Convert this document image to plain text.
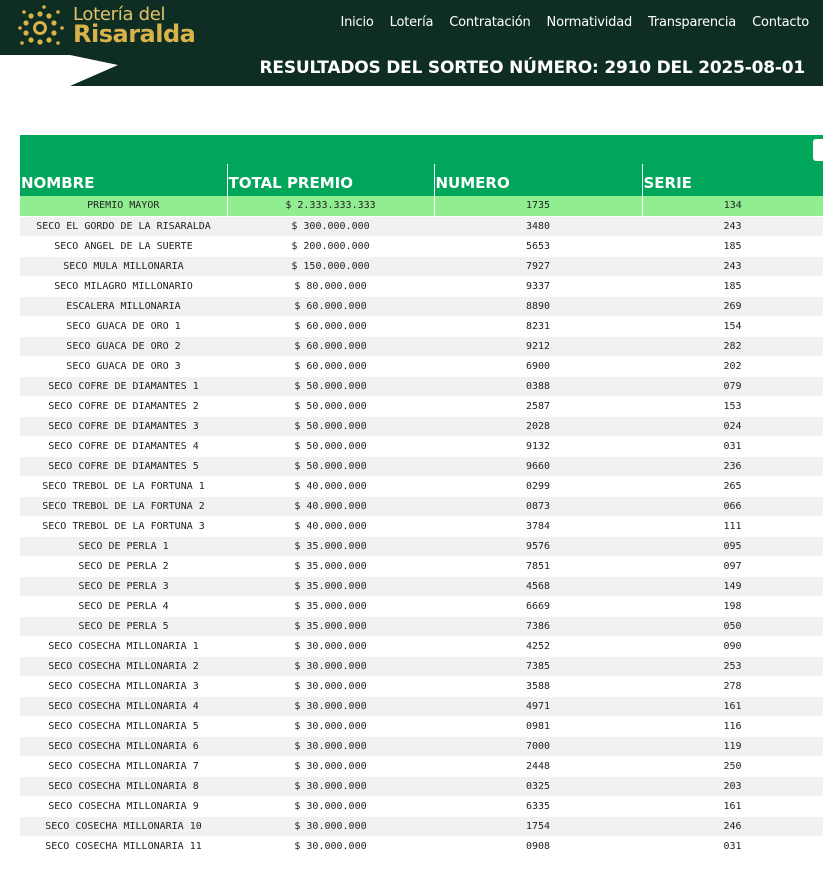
Lotería del
Risaralda	Inicio	Lotería	Contratación	Normatividad	Transparencia	Contacto
RESULTADOS DEL SORTEO NÚMERO: 2910 DEL 2025-08-01
NOMBRE	TOTAL PREMIO	NUMERO	SERIE
PREMIO MAYOR	$ 2.333.333.333	1735	134
SECO EL GORDO DE LA RISARALDA	$ 300.000.000	3480	243
SECO ANGEL DE LA SUERTE	$ 200.000.000	5653	185
SECO MULA MILLONARIA	$ 150.000.000	7927	243
SECO MILAGRO MILLONARIO	$ 80.000.000	9337	185
ESCALERA MILLONARIA	$ 60.000.000	8890	269
SECO GUACA DE ORO 1	$ 60.000.000	8231	154
SECO GUACA DE ORO 2	$ 60.000.000	9212	282
SECO GUACA DE ORO 3	$ 60.000.000	6900	202
SECO COFRE DE DIAMANTES 1	$ 50.000.000	0388	079
SECO COFRE DE DIAMANTES 2	$ 50.000.000	2587	153
SECO COFRE DE DIAMANTES 3	$ 50.000.000	2028	024
SECO COFRE DE DIAMANTES 4	$ 50.000.000	9132	031
SECO COFRE DE DIAMANTES 5	$ 50.000.000	9660	236
SECO TREBOL DE LA FORTUNA 1	$ 40.000.000	0299	265
SECO TREBOL DE LA FORTUNA 2	$ 40.000.000	0873	066
SECO TREBOL DE LA FORTUNA 3	$ 40.000.000	3784	111
SECO DE PERLA 1	$ 35.000.000	9576	095
SECO DE PERLA 2	$ 35.000.000	7851	097
SECO DE PERLA 3	$ 35.000.000	4568	149
SECO DE PERLA 4	$ 35.000.000	6669	198
SECO DE PERLA 5	$ 35.000.000	7386	050
SECO COSECHA MILLONARIA 1	$ 30.000.000	4252	090
SECO COSECHA MILLONARIA 2	$ 30.000.000	7385	253
SECO COSECHA MILLONARIA 3	$ 30.000.000	3588	278
SECO COSECHA MILLONARIA 4	$ 30.000.000	4971	161
SECO COSECHA MILLONARIA 5	$ 30.000.000	0981	116
SECO COSECHA MILLONARIA 6	$ 30.000.000	7000	119
SECO COSECHA MILLONARIA 7	$ 30.000.000	2448	250
SECO COSECHA MILLONARIA 8	$ 30.000.000	0325	203
SECO COSECHA MILLONARIA 9	$ 30.000.000	6335	161
SECO COSECHA MILLONARIA 10	$ 30.000.000	1754	246
SECO COSECHA MILLONARIA 11	$ 30.000.000	0908	031
